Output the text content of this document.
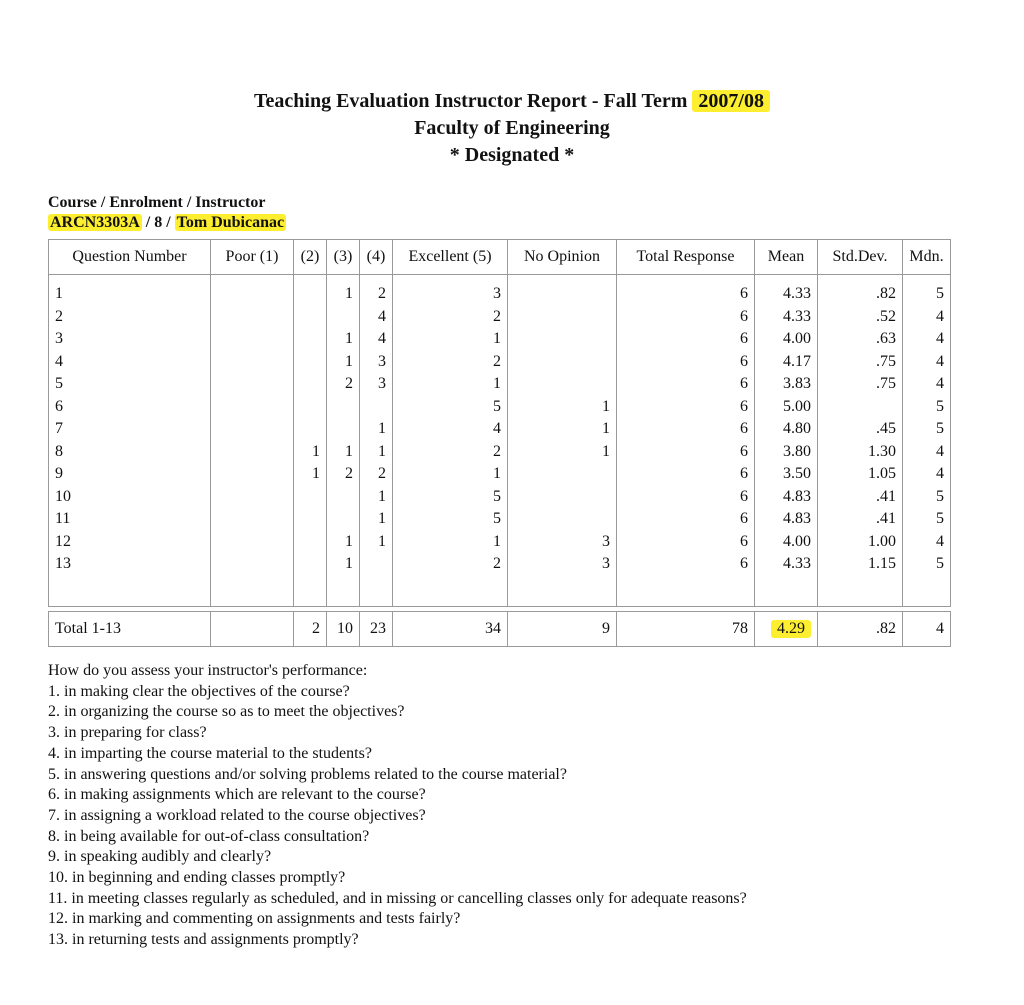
Teaching Evaluation Instructor Report - Fall Term 2007/08
Faculty of Engineering
* Designated *
Course / Enrolment / Instructor
ARCN3303A / 8 / Tom Dubicanac
Question Number	Poor (1)	(2)	(3)	(4)	Excellent (5)	No Opinion	Total Response	Mean	Std.Dev.	Mdn.
1			1	2	3		6	4.33	.82	5
2				4	2		6	4.33	.52	4
3			1	4	1		6	4.00	.63	4
4			1	3	2		6	4.17	.75	4
5			2	3	1		6	3.83	.75	4
6					5	1	6	5.00		5
7				1	4	1	6	4.80	.45	5
8		1	1	1	2	1	6	3.80	1.30	4
9		1	2	2	1		6	3.50	1.05	4
10				1	5		6	4.83	.41	5
11				1	5		6	4.83	.41	5
12			1	1	1	3	6	4.00	1.00	4
13			1		2	3	6	4.33	1.15	5

Total 1-13		2	10	23	34	9	78	4.29	.82	4
How do you assess your instructor's performance:
1. in making clear the objectives of the course?
2. in organizing the course so as to meet the objectives?
3. in preparing for class?
4. in imparting the course material to the students?
5. in answering questions and/or solving problems related to the course material?
6. in making assignments which are relevant to the course?
7. in assigning a workload related to the course objectives?
8. in being available for out-of-class consultation?
9. in speaking audibly and clearly?
10. in beginning and ending classes promptly?
11. in meeting classes regularly as scheduled, and in missing or cancelling classes only for adequate reasons?
12. in marking and commenting on assignments and tests fairly?
13. in returning tests and assignments promptly?
